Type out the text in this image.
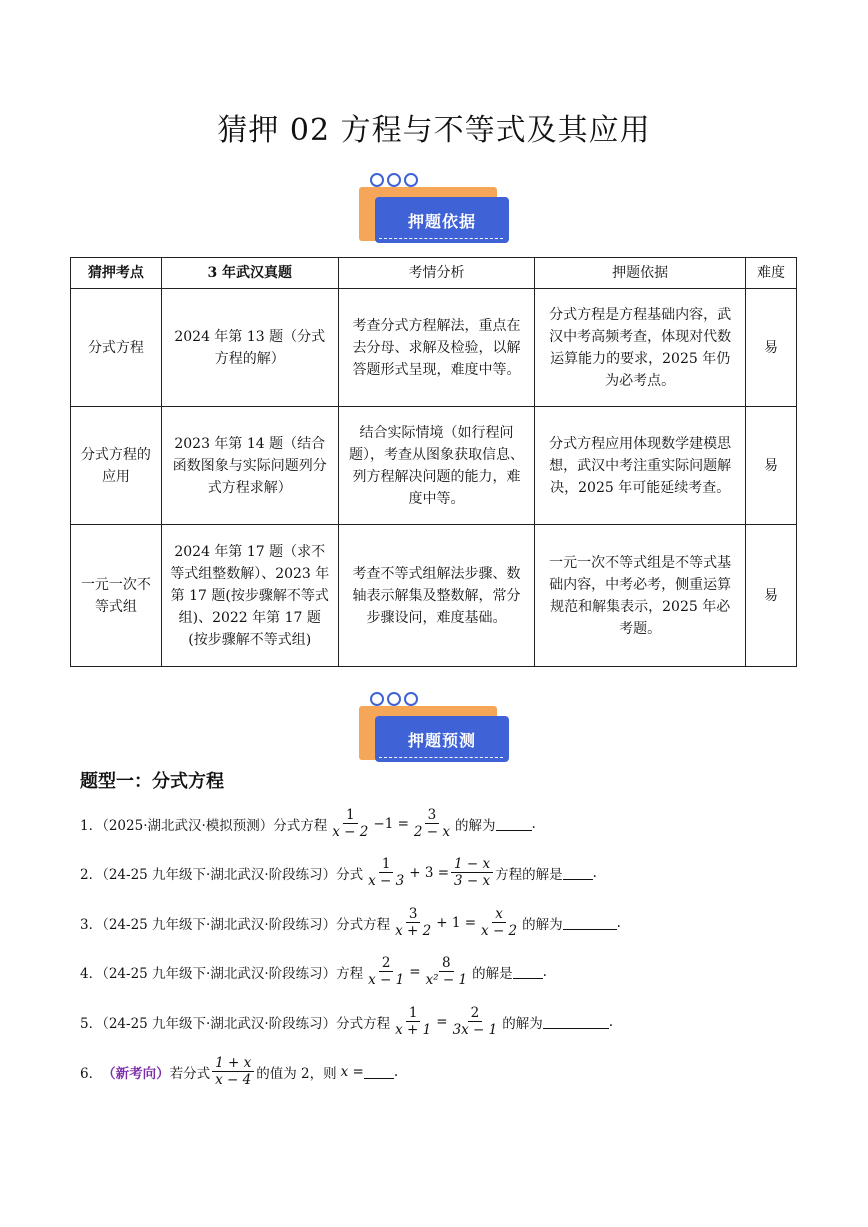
猜押 02 方程与不等式及其应用
押题依据
猜押考点	3 年武汉真题	考情分析	押题依据	难度
分式方程	2024 年第 13 题（分式方程的解）	考查分式方程解法，重点在去分母、求解及检验，以解答题形式呈现，难度中等。	分式方程是方程基础内容，武汉中考高频考查，体现对代数运算能力的要求，2025 年仍为必考点。	易
分式方程的应用	2023 年第 14 题（结合函数图象与实际问题列分式方程求解）	结合实际情境（如行程问题），考查从图象获取信息、列方程解决问题的能力，难度中等。	分式方程应用体现数学建模思想，武汉中考注重实际问题解决，2025 年可能延续考查。	易
一元一次不等式组	2024 年第 17 题（求不等式组整数解）、2023 年第 17 题(按步骤解不等式组)、2022 年第 17 题(按步骤解不等式组)	考查不等式组解法步骤、数轴表示解集及整数解，常分步骤设问，难度基础。	一元一次不等式组是不等式基础内容，中考必考，侧重运算规范和解集表示，2025 年必考题。	易
押题预测
题型一：分式方程
1．（2025·湖北武汉·模拟预测）分式方程 $\frac{1}{x - 2} -1 = \frac{3}{2 - x}$ 的解为	.
2．（24-25 九年级下·湖北武汉·阶段练习）分式 $\frac{1}{x - 3} + 3 = \frac{1 - x}{3 - x}$ 方程的解是 .
3．（24-25 九年级下·湖北武汉·阶段练习）分式方程 $\frac{3}{x + 2} + 1 = \frac{x}{x - 2}$ 的解为	.
4．（24-25 九年级下·湖北武汉·阶段练习）方程 $\frac{2}{x - 1} = \frac{8}{\text{x² − 1}}$ 的解是 .
5．（24-25 九年级下·湖北武汉·阶段练习）分式方程 $\frac{1}{x + 1} = \frac{2}{3x - 1}$ 的解为	.
6． （新考向） 若分式 $\frac{1 + x}{x - 4}$ 的值为 2，则 x = .
